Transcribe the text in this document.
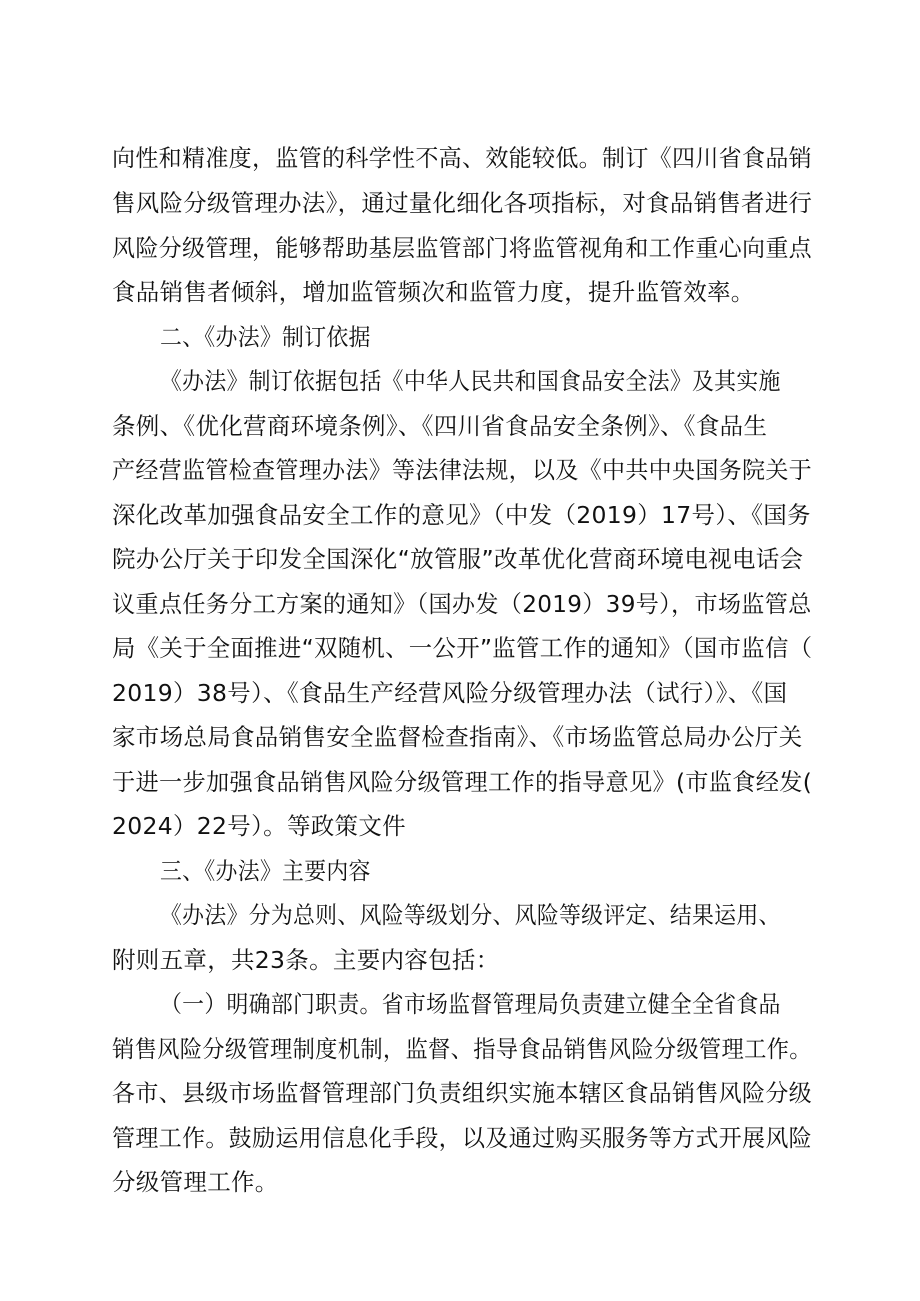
向性和精准度，监管的科学性不高、效能较低。制订《四川省食品销
售风险分级管理办法》，通过量化细化各项指标，对食品销售者进行
风险分级管理，能够帮助基层监管部门将监管视角和工作重心向重点
食品销售者倾斜，增加监管频次和监管力度，提升监管效率。
二、《办法》制订依据
《办法》制订依据包括《中华人民共和国食品安全法》及其实施
条例、《优化营商环境条例》、《四川省食品安全条例》、《食品生
产经营监管检查管理办法》等法律法规，以及《中共中央国务院关于
深化改革加强食品安全工作的意见》（中发（2019）17号）、《国务
院办公厅关于印发全国深化“放管服”改革优化营商环境电视电话会
议重点任务分工方案的通知》（国办发（2019）39号），市场监管总
局《关于全面推进“双随机、一公开”监管工作的通知》（国市监信（
2019）38号）、《食品生产经营风险分级管理办法（试行）》、《国
家市场总局食品销售安全监督检查指南》、《市场监管总局办公厅关
于进一步加强食品销售风险分级管理工作的指导意见》(市监食经发(
2024）22号）。等政策文件
三、《办法》主要内容
《办法》分为总则、风险等级划分、风险等级评定、结果运用、
附则五章，共23条。主要内容包括：
（一）明确部门职责。省市场监督管理局负责建立健全全省食品
销售风险分级管理制度机制，监督、指导食品销售风险分级管理工作。
各市、县级市场监督管理部门负责组织实施本辖区食品销售风险分级
管理工作。鼓励运用信息化手段，以及通过购买服务等方式开展风险
分级管理工作。
